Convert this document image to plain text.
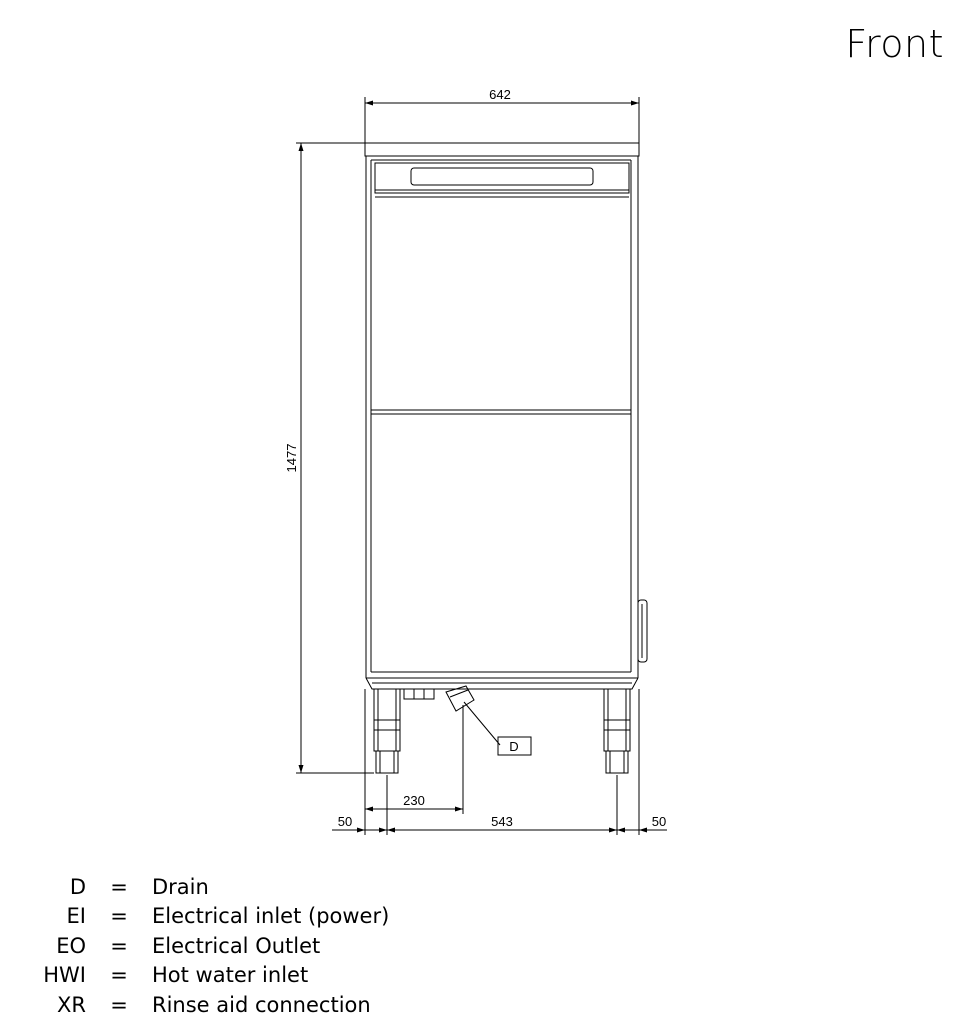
Front
642
1477
230
50	543	50
D
D	=	Drain
EI	=	Electrical inlet (power)
EO	=	Electrical Outlet
HWI	=	Hot water inlet
XR	=	Rinse aid connection
